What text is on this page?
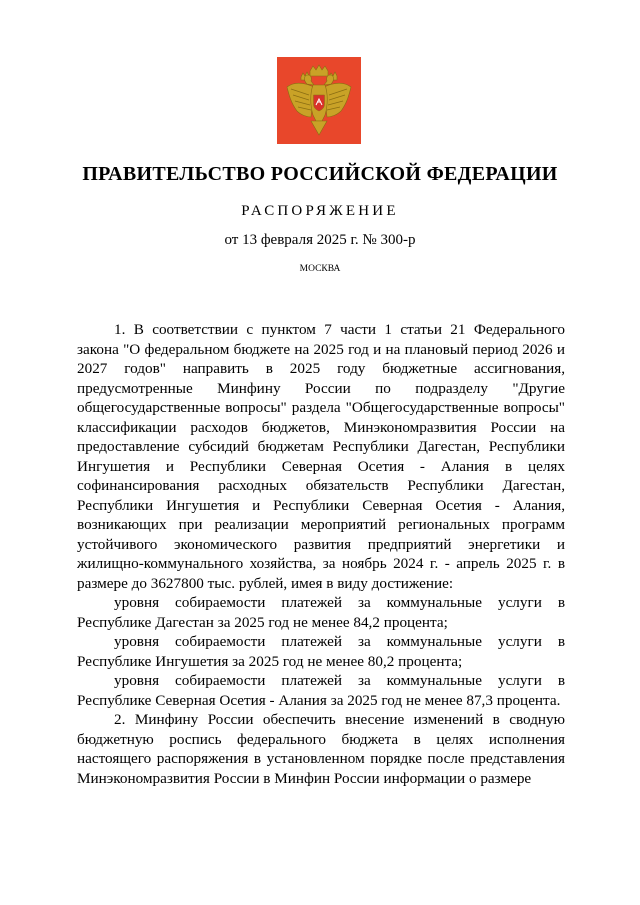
ПРАВИТЕЛЬСТВО РОССИЙСКОЙ ФЕДЕРАЦИИ
РАСПОРЯЖЕНИЕ
от 13 февраля 2025 г. № 300-р
МОСКВА

1. В соответствии с пунктом 7 части 1 статьи 21 Федерального закона "О федеральном бюджете на 2025 год и на плановый период 2026 и 2027 годов" направить в 2025 году бюджетные ассигнования, предусмотренные Минфину России по подразделу "Другие общегосударственные вопросы" раздела "Общегосударственные вопросы" классификации расходов бюджетов, Минэкономразвития России на предоставление субсидий бюджетам Республики Дагестан, Республики Ингушетия и Республики Северная Осетия - Алания в целях софинансирования расходных обязательств Республики Дагестан, Республики Ингушетия и Республики Северная Осетия - Алания, возникающих при реализации мероприятий региональных программ устойчивого экономического развития предприятий энергетики и жилищно-коммунального хозяйства, за ноябрь 2024 г. - апрель 2025 г. в размере до 3627800 тыс. рублей, имея в виду достижение:

уровня собираемости платежей за коммунальные услуги в Республике Дагестан за 2025 год не менее 84,2 процента;

уровня собираемости платежей за коммунальные услуги в Республике Ингушетия за 2025 год не менее 80,2 процента;

уровня собираемости платежей за коммунальные услуги в Республике Северная Осетия - Алания за 2025 год не менее 87,3 процента.

2. Минфину России обеспечить внесение изменений в сводную бюджетную роспись федерального бюджета в целях исполнения настоящего распоряжения в установленном порядке после представления Минэкономразвития России в Минфин России информации о размере
